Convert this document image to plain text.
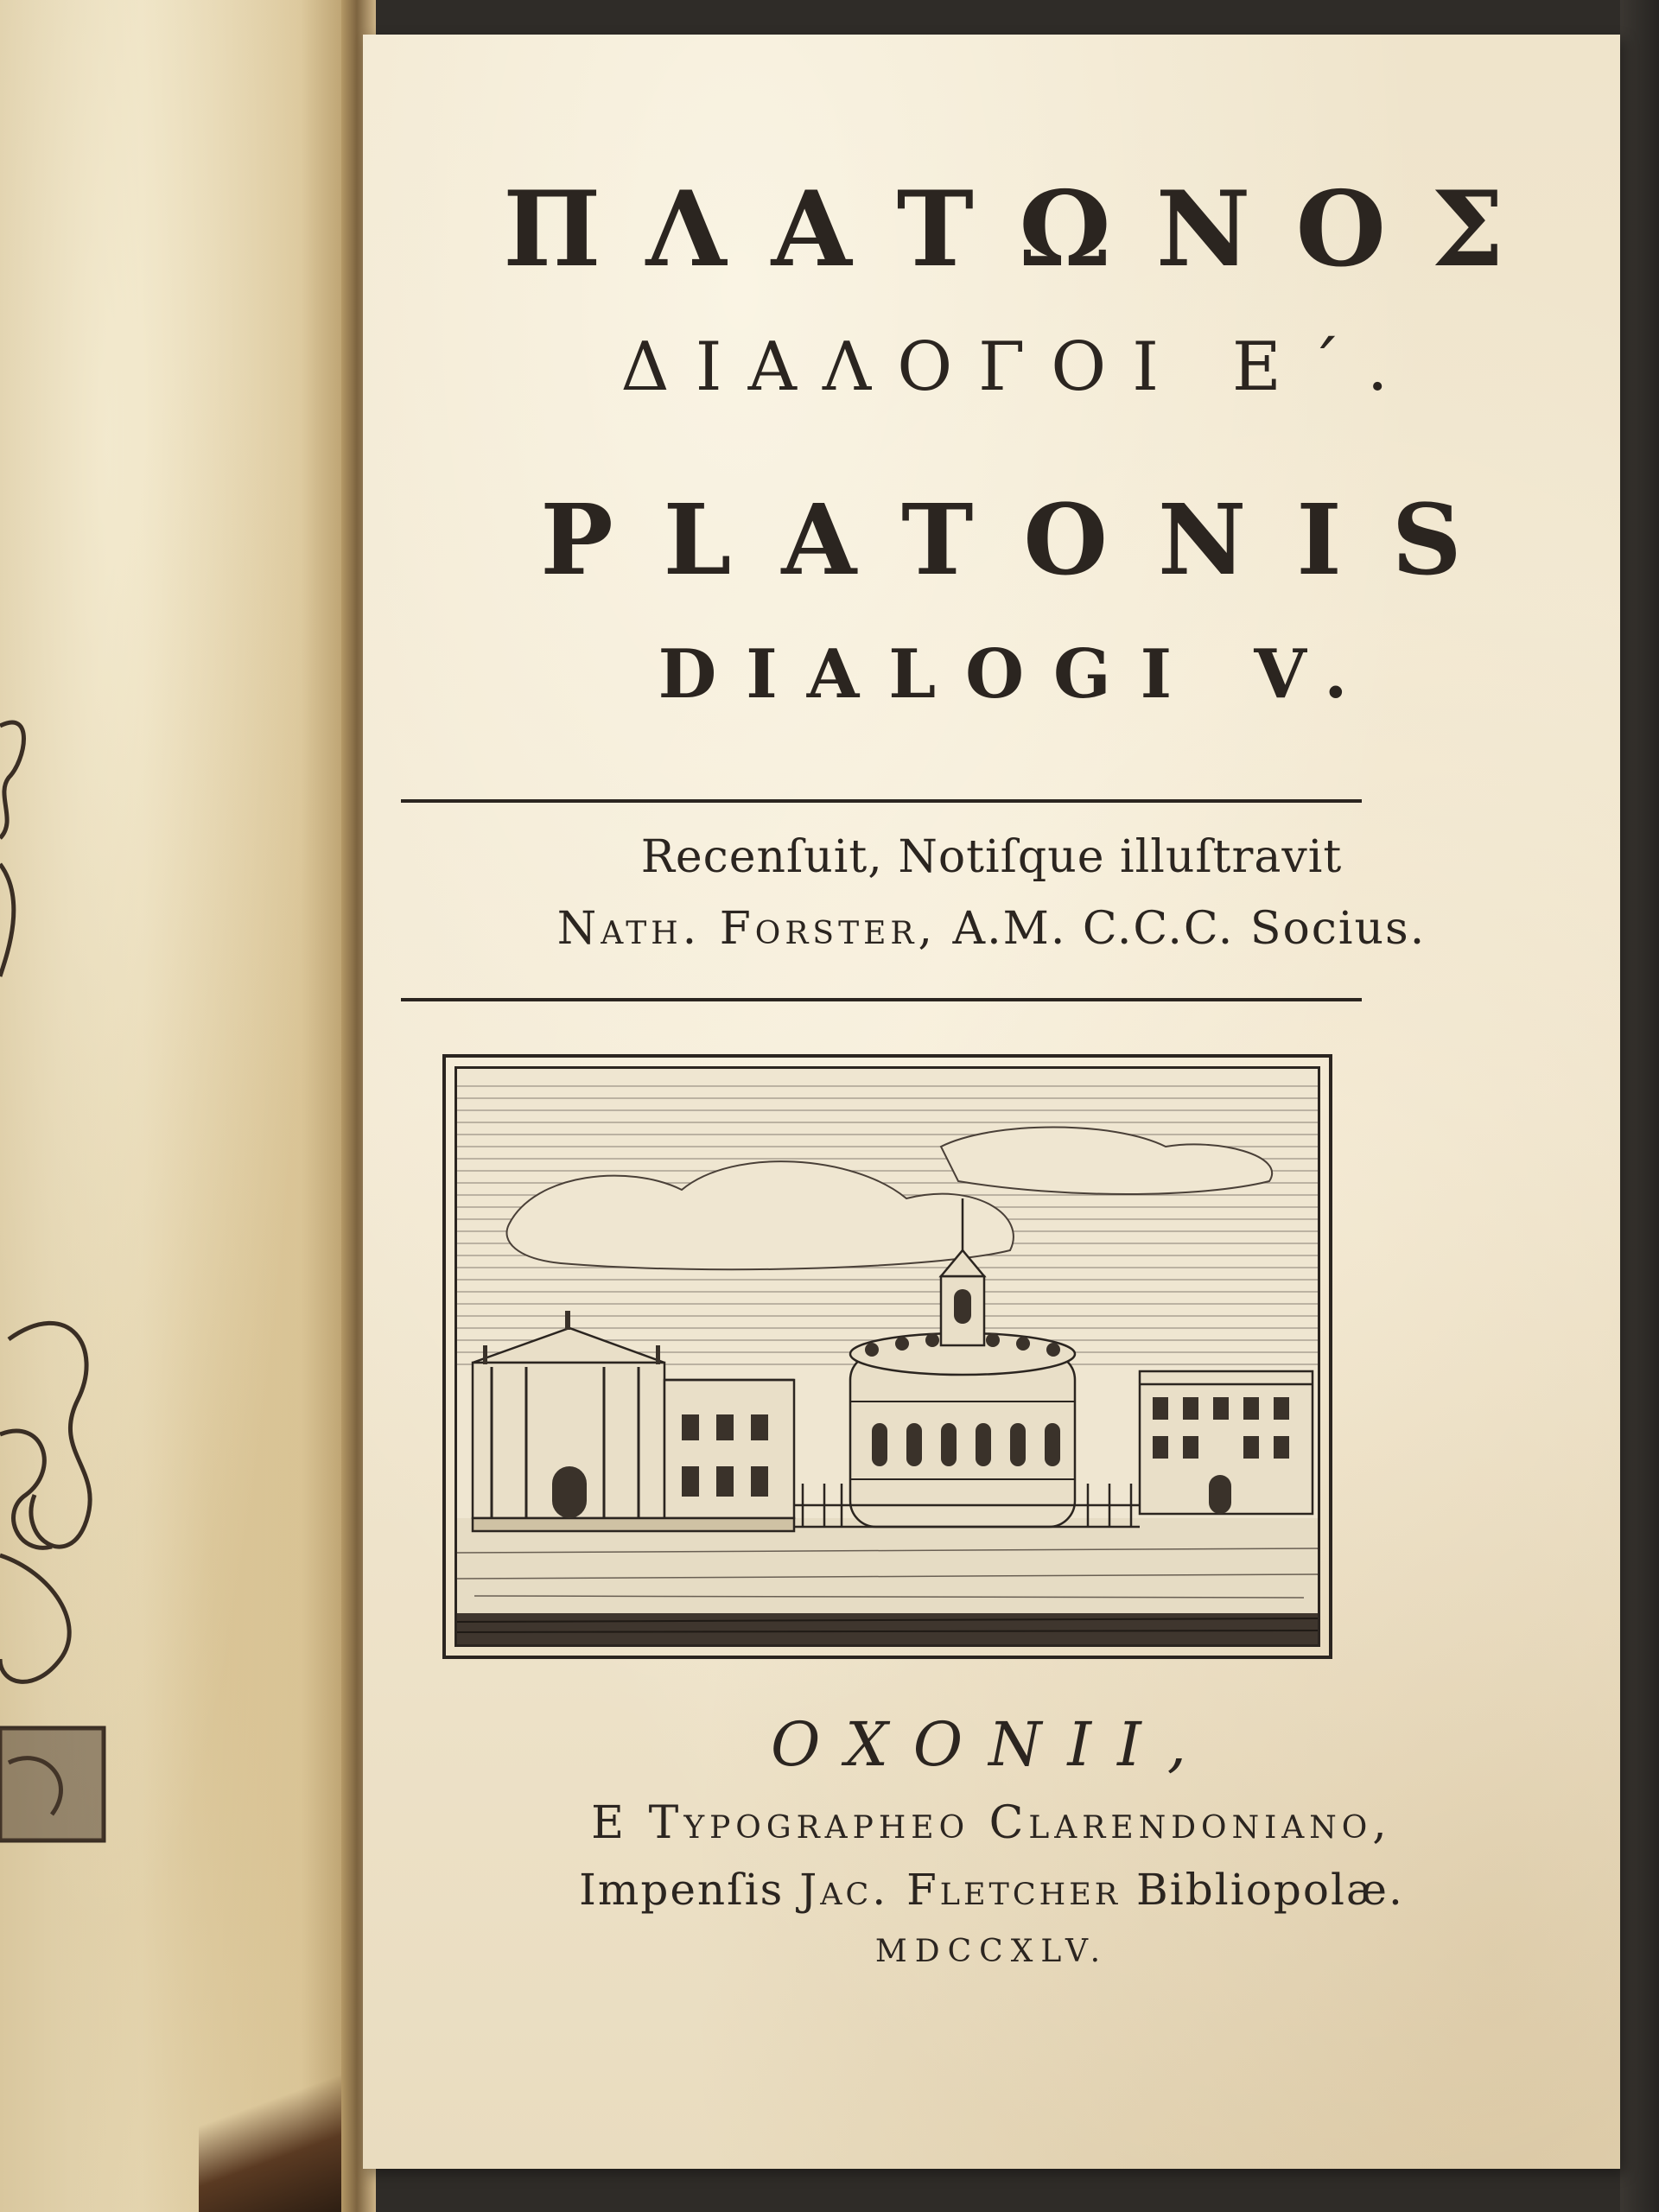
ΠΛΑΤΩΝΟΣ
ΔΙΑΛΟΓΟΙ Ε΄.
PLATONIS
DIALOGI V.
Recenſuit, Notiſque illuſtravit
Nath. Forster, A.M. C.C.C. Socius.
OXONII,
E Typographeo Clarendoniano,
Impenſis Jac. Fletcher Bibliopolæ.
MDCCXLV.
